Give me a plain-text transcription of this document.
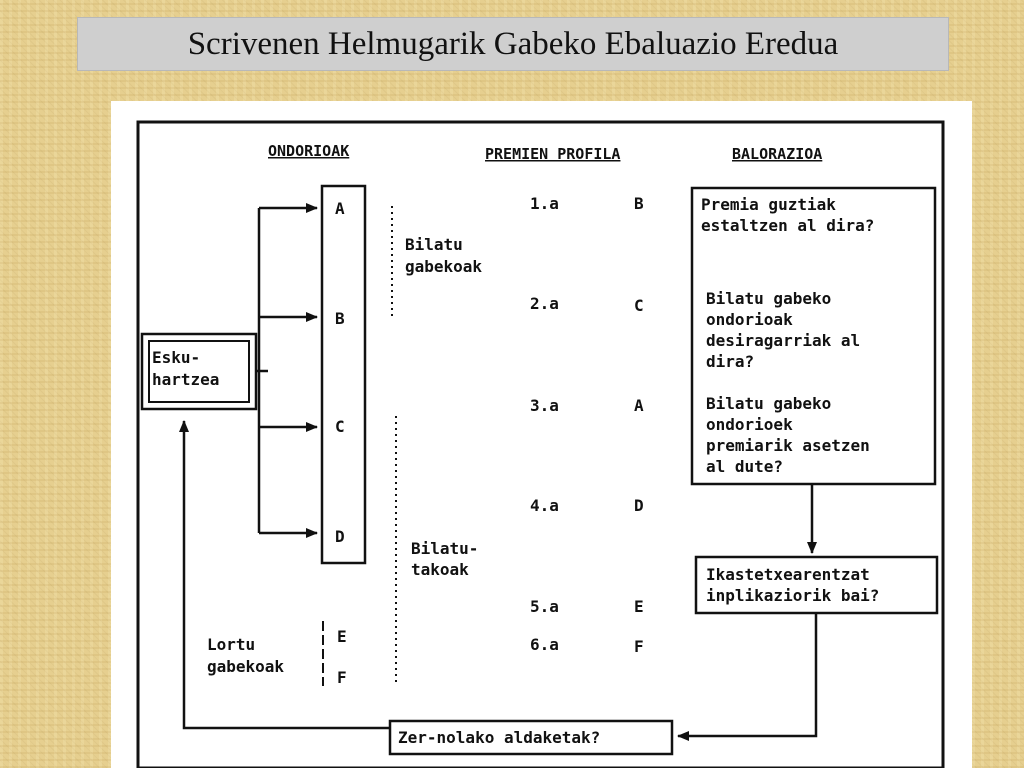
Scrivenen Helmugarik Gabeko Ebaluazio Eredua
ONDORIOAK	PREMIEN PROFILA	BALORAZIOA
Esku-
hartzea
A
B
C
D
Bilatu
gabekoak
Bilatu-
takoak
Lortu
gabekoak
E
F
1.a	B
2.a	C
3.a	A
4.a	D
5.a	E
6.a	F
Premia guztiak
estaltzen al dira?
Bilatu gabeko
ondorioak
desiragarriak al
dira?
Bilatu gabeko
ondorioek
premiarik asetzen
al dute?
Ikastetxearentzat
inplikaziorik bai?
Zer-nolako aldaketak?
